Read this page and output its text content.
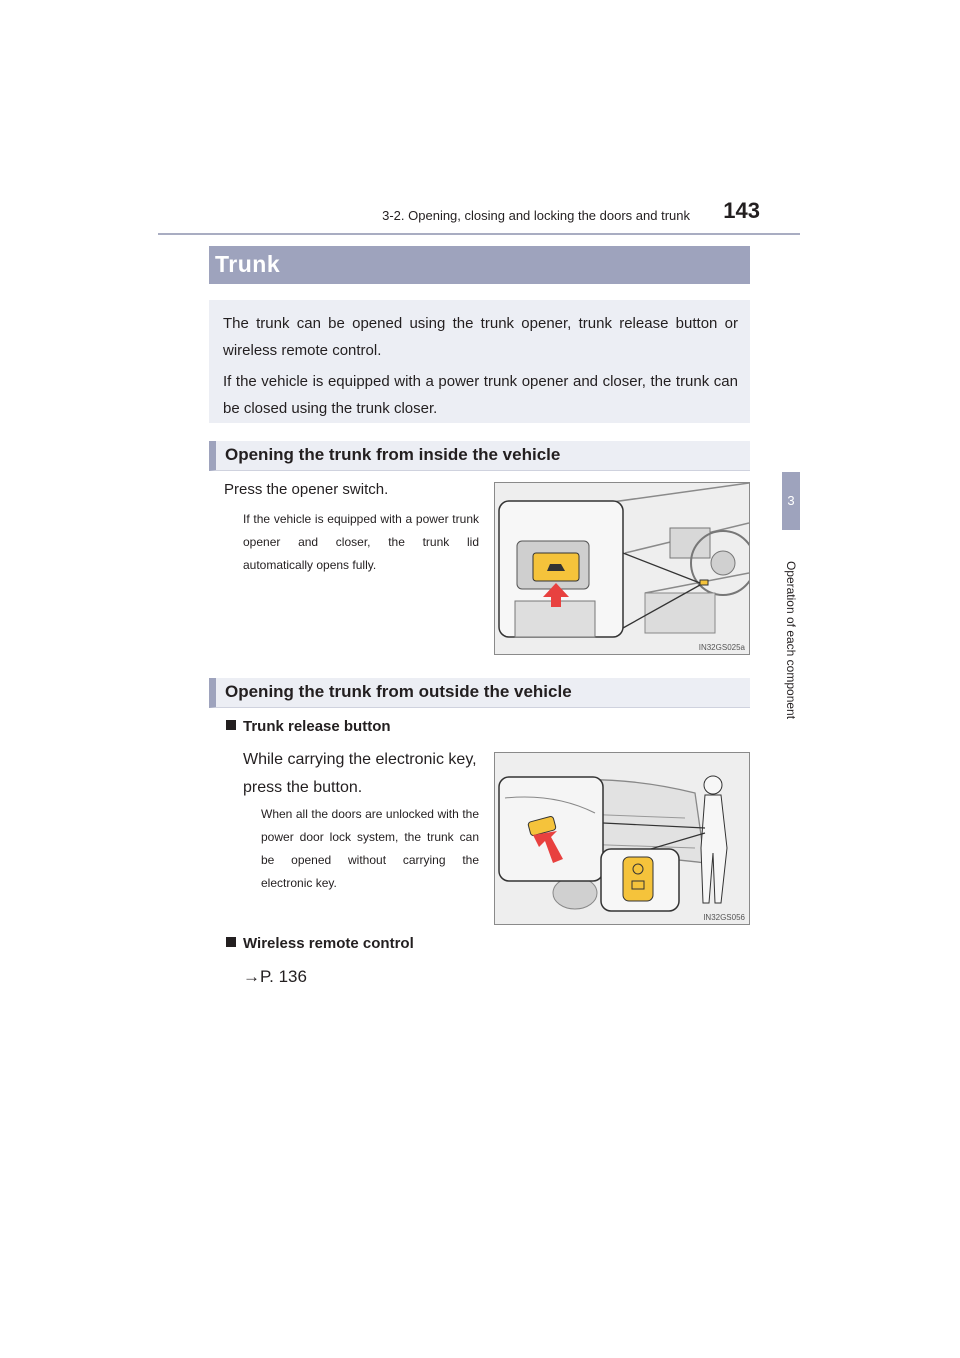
3-2. Opening, closing and locking the doors and trunk	143
3
Operation of each component
Trunk

The trunk can be opened using the trunk opener, trunk release button or wireless remote control.

If the vehicle is equipped with a power trunk opener and closer, the trunk can be closed using the trunk closer.

Opening the trunk from inside the vehicle
Press the opener switch.
If the vehicle is equipped with a power trunk opener and closer, the trunk lid automatically opens fully.
IN32GS025a
Opening the trunk from outside the vehicle
Trunk release button
While carrying the electronic key, press the button.
When all the doors are unlocked with the power door lock system, the trunk can be opened without carrying the electronic key.
IN32GS056
Wireless remote control
→P. 136
